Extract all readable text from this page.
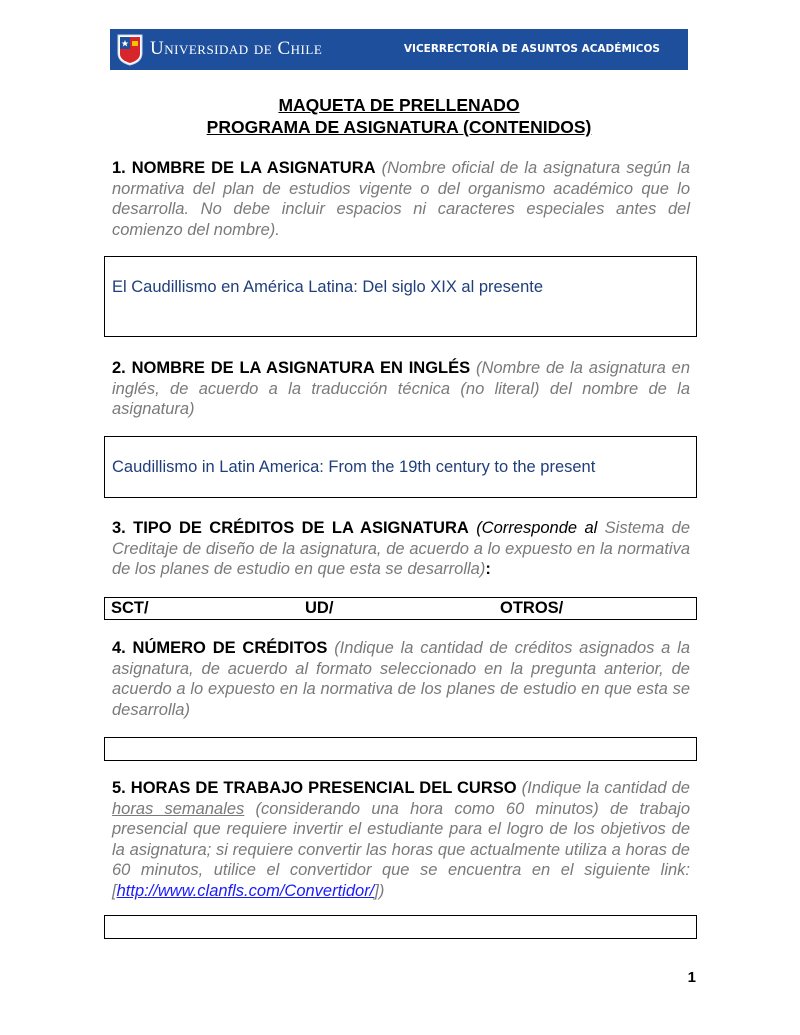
Universidad de Chile	VICERRECTORÍA DE ASUNTOS ACADÉMICOS
MAQUETA DE PRELLENADO
PROGRAMA DE ASIGNATURA (CONTENIDOS)

1. NOMBRE DE LA ASIGNATURA (Nombre oficial de la asignatura según la normativa del plan de estudios vigente o del organismo académico que lo desarrolla. No debe incluir espacios ni caracteres especiales antes del comienzo del nombre).

El Caudillismo en América Latina: Del siglo XIX al presente

2. NOMBRE DE LA ASIGNATURA EN INGLÉS (Nombre de la asignatura en inglés, de acuerdo a la traducción técnica (no literal) del nombre de la asignatura)

Caudillismo in Latin America: From the 19th century to the present

3. TIPO DE CRÉDITOS DE LA ASIGNATURA (Corresponde al Sistema de Creditaje de diseño de la asignatura, de acuerdo a lo expuesto en la normativa de los planes de estudio en que esta se desarrolla):

SCT/	UD/	OTROS/

4. NÚMERO DE CRÉDITOS (Indique la cantidad de créditos asignados a la asignatura, de acuerdo al formato seleccionado en la pregunta anterior, de acuerdo a lo expuesto en la normativa de los planes de estudio en que esta se desarrolla)

5. HORAS DE TRABAJO PRESENCIAL DEL CURSO (Indique la cantidad de horas semanales (considerando una hora como 60 minutos) de trabajo presencial que requiere invertir el estudiante para el logro de los objetivos de la asignatura; si requiere convertir las horas que actualmente utiliza a horas de 60 minutos, utilice el convertidor que se encuentra en el siguiente link: [http://www.clanfls.com/Convertidor/])

1
